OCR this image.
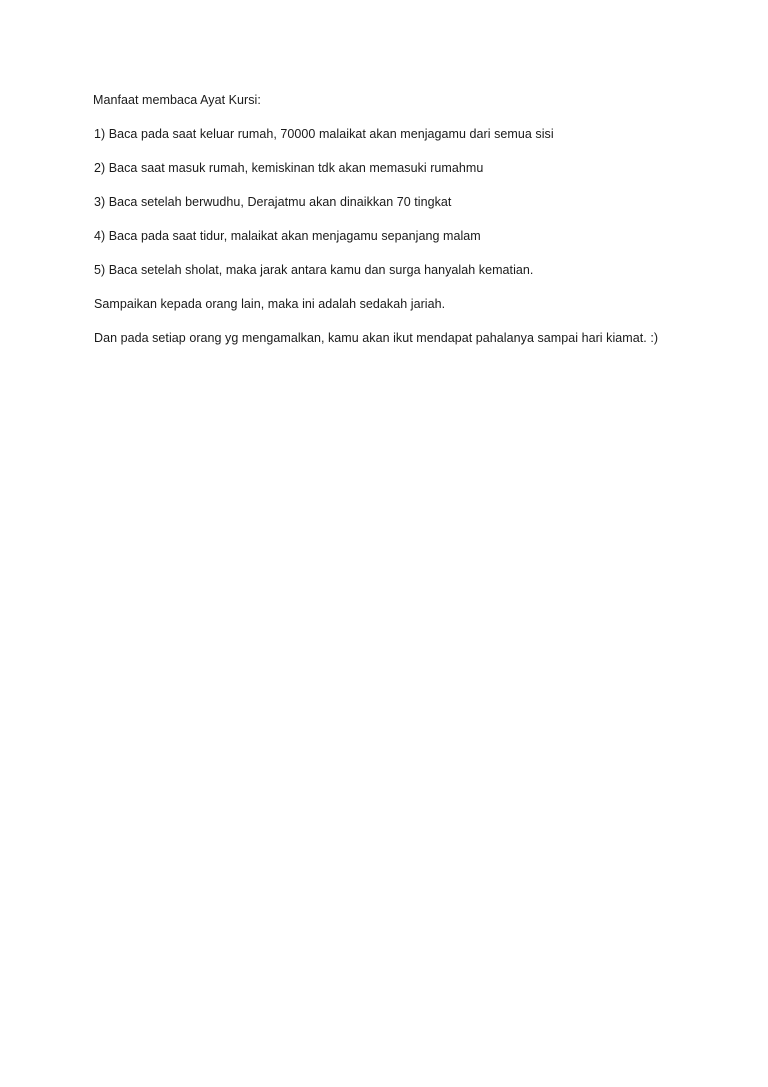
Manfaat membaca Ayat Kursi:
1) Baca pada saat keluar rumah, 70000 malaikat akan menjagamu dari semua sisi
2) Baca saat masuk rumah, kemiskinan tdk akan memasuki rumahmu
3) Baca setelah berwudhu, Derajatmu akan dinaikkan 70 tingkat
4) Baca pada saat tidur, malaikat akan menjagamu sepanjang malam
5) Baca setelah sholat, maka jarak antara kamu dan surga hanyalah kematian.
Sampaikan kepada orang lain, maka ini adalah sedakah jariah.
Dan pada setiap orang yg mengamalkan, kamu akan ikut mendapat pahalanya sampai hari kiamat. :)
